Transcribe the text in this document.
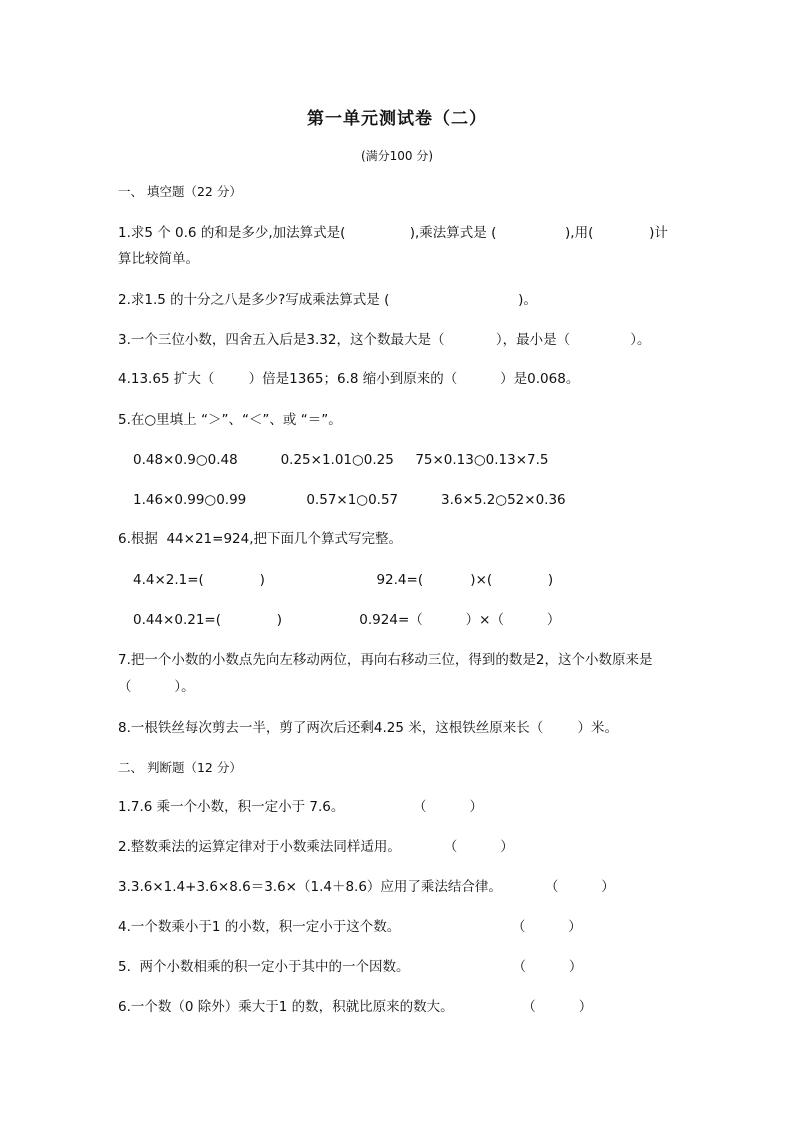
第一单元测试卷（二）
(满分100 分)
一、 填空题（22 分）
1.求5 个 0.6 的和是多少,加法算式是(               ),乘法算式是 (                ),用(             )计
算比较简单。
2.求1.5 的十分之八是多少?写成乘法算式是 (                              )。
3.一个三位小数，四舍五入后是3.32，这个数最大是（            ），最小是（              ）。
4.13.65 扩大（        ）倍是1365；6.8 缩小到原来的（          ）是0.068。
5.在○里填上 “＞”、“＜”、或 “＝”。
0.48×0.9○0.48          0.25×1.01○0.25     75×0.13○0.13×7.5
1.46×0.99○0.99              0.57×1○0.57          3.6×5.2○52×0.36
6.根据  44×21=924,把下面几个算式写完整。
4.4×2.1=(             )                          92.4=(           )×(             )
0.44×0.21=(             )                  0.924=（          ）×（          ）
7.把一个小数的小数点先向左移动两位，再向右移动三位，得到的数是2，这个小数原来是
（          ）。
8.一根铁丝每次剪去一半，剪了两次后还剩4.25 米，这根铁丝原来长（        ）米。
二、 判断题（12 分）
1.7.6 乘一个小数，积一定小于 7.6。                （          ）
2.整数乘法的运算定律对于小数乘法同样适用。          （          ）
3.3.6×1.4+3.6×8.6＝3.6×（1.4＋8.6）应用了乘法结合律。          （          ）
4.一个数乘小于1 的小数，积一定小于这个数。                          （          ）
5.  两个小数相乘的积一定小于其中的一个因数。                        （          ）
6.一个数（0 除外）乘大于1 的数，积就比原来的数大。                （          ）
